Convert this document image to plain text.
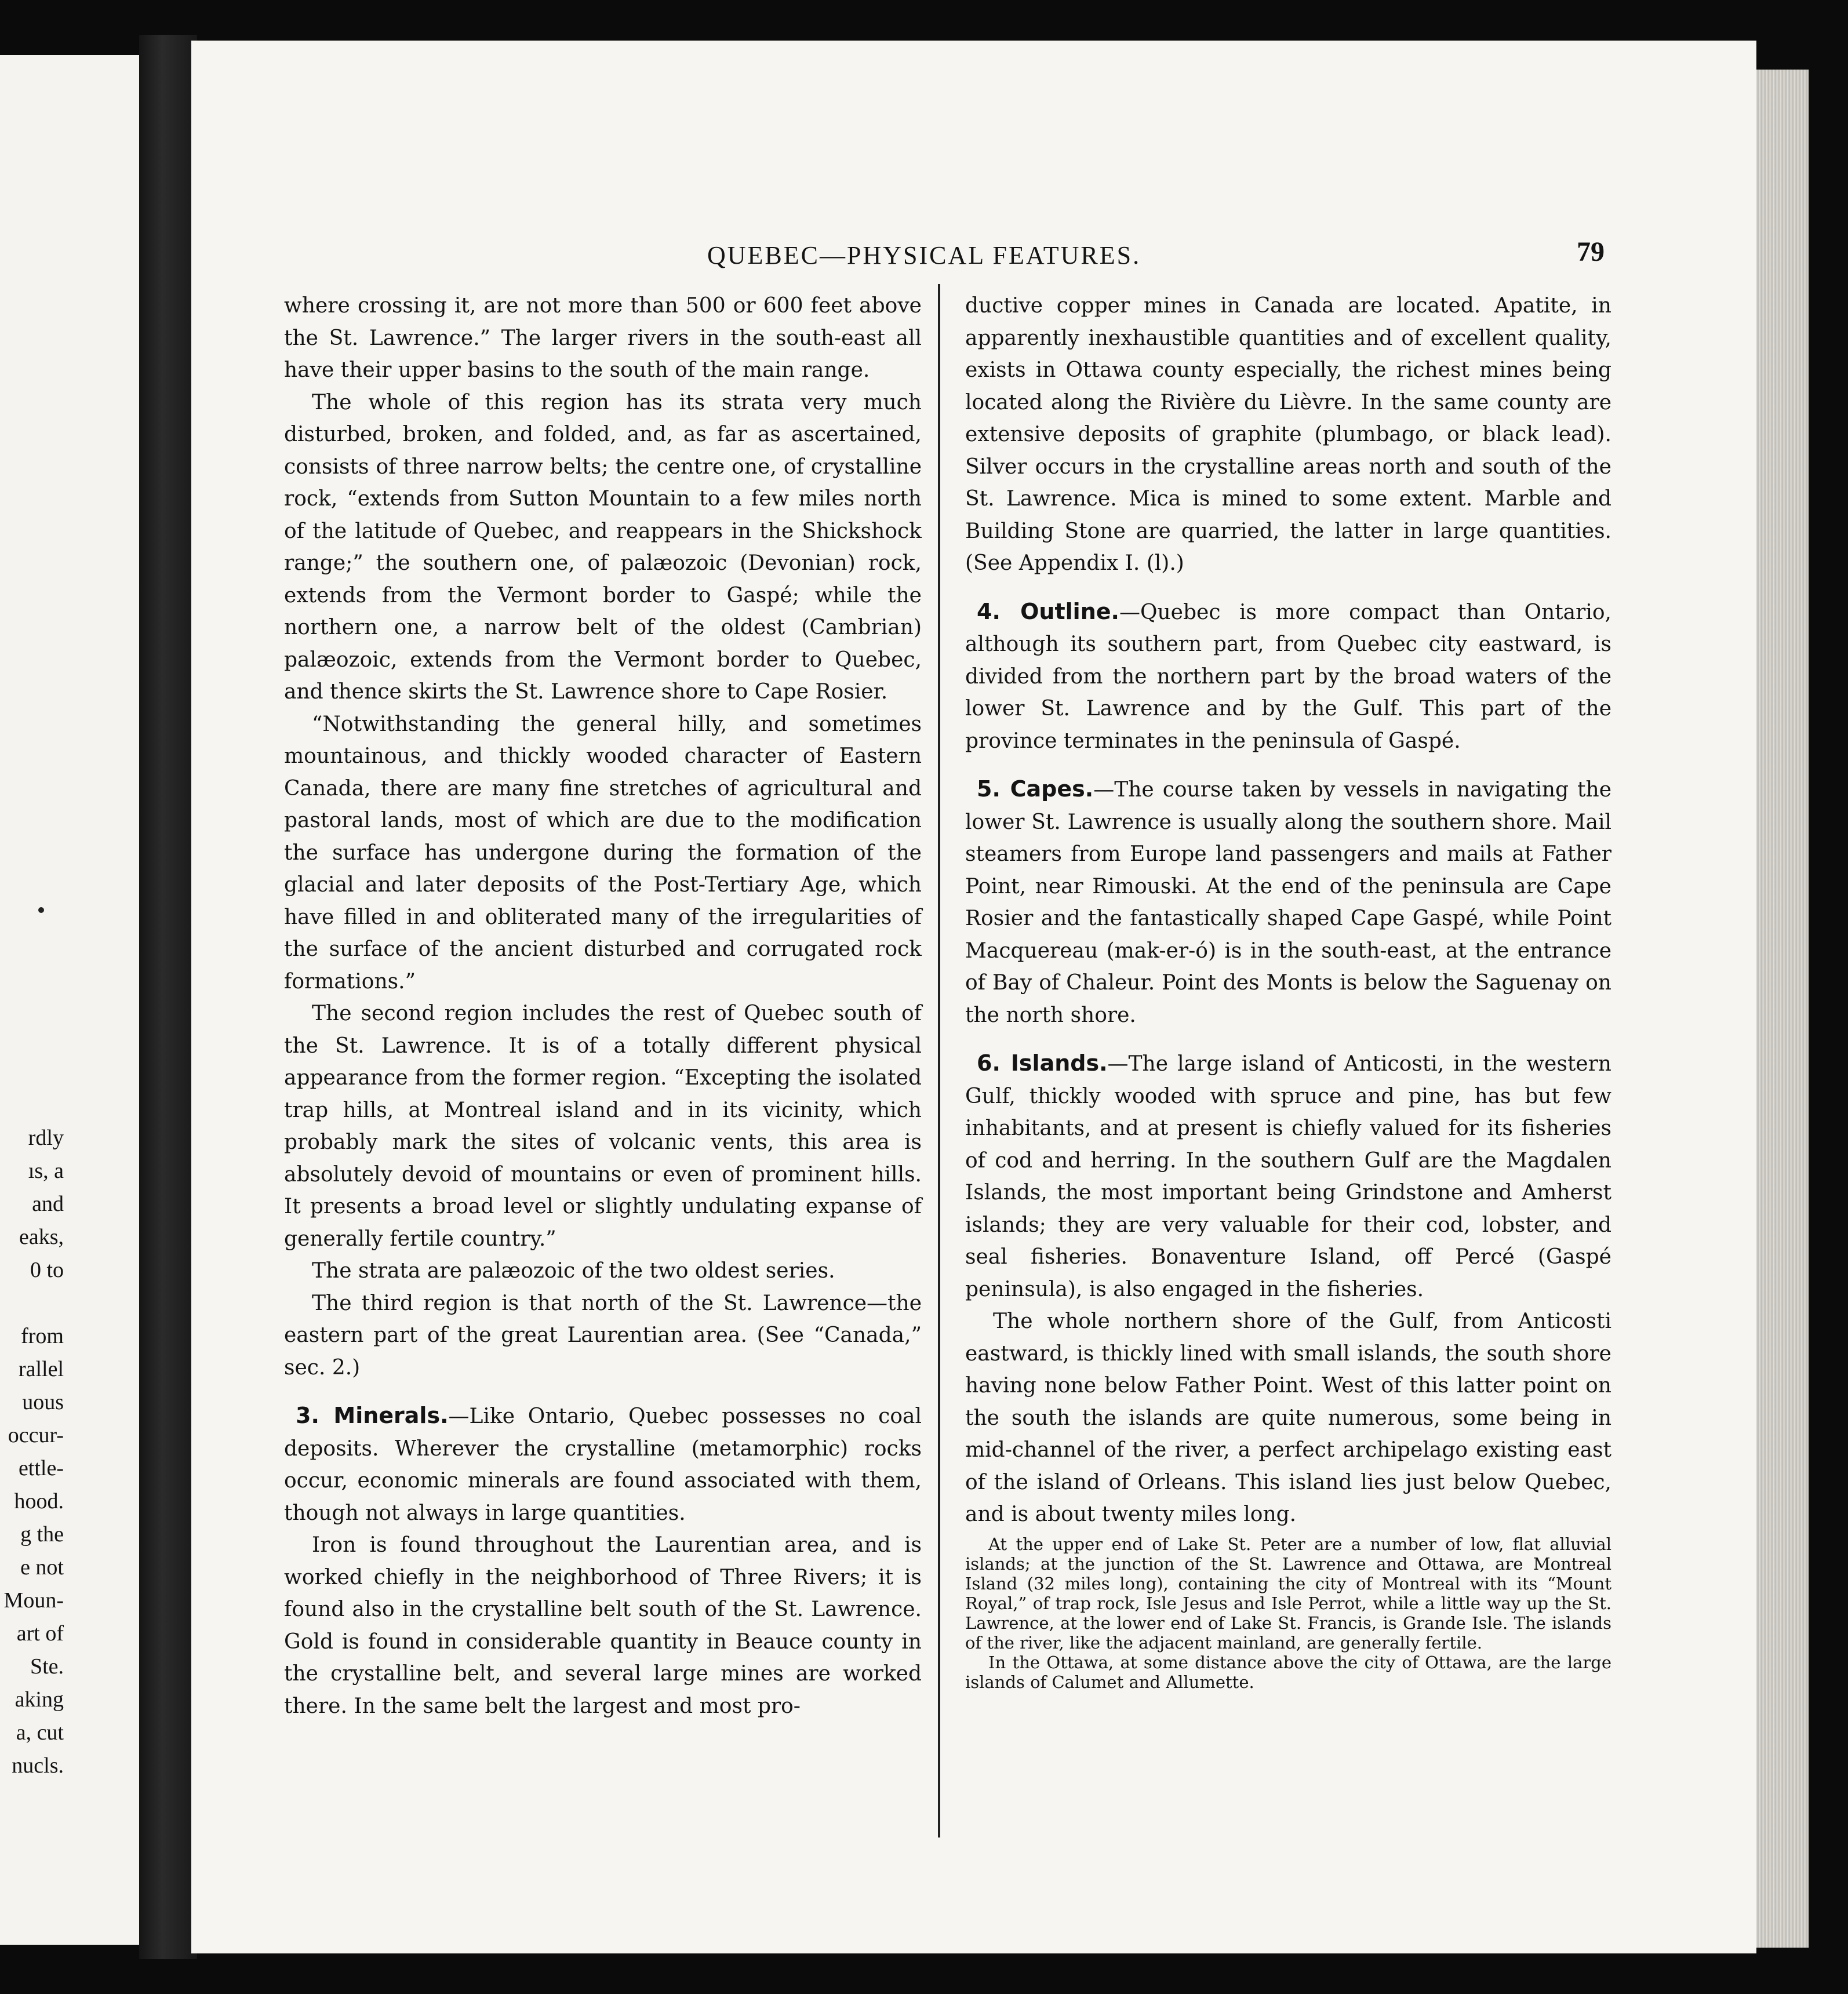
rdly
ıs, a
and
eaks,
0 to

from
rallel
uous
occur-
ettle-
hood.
g the
e not
Moun-
art of
Ste.
aking
a, cut
nucls.
QUEBEC—PHYSICAL FEATURES.	79

where crossing it, are not more than 500 or 600 feet above the St. Lawrence.” The larger rivers in the south-east all have their upper basins to the south of the main range.

The whole of this region has its strata very much disturbed, broken, and folded, and, as far as ascertained, consists of three narrow belts; the centre one, of crystalline rock, “extends from Sutton Mountain to a few miles north of the latitude of Quebec, and reappears in the Shickshock range;” the southern one, of palæozoic (Devonian) rock, extends from the Vermont border to Gaspé; while the northern one, a narrow belt of the oldest (Cambrian) palæozoic, extends from the Vermont border to Quebec, and thence skirts the St. Lawrence shore to Cape Rosier.

“Notwithstanding the general hilly, and sometimes mountainous, and thickly wooded character of Eastern Canada, there are many fine stretches of agricultural and pastoral lands, most of which are due to the modification the surface has undergone during the formation of the glacial and later deposits of the Post-Tertiary Age, which have filled in and obliterated many of the irregularities of the surface of the ancient disturbed and corrugated rock formations.”

The second region includes the rest of Quebec south of the St. Lawrence. It is of a totally different physical appearance from the former region. “Excepting the isolated trap hills, at Montreal island and in its vicinity, which probably mark the sites of volcanic vents, this area is absolutely devoid of mountains or even of prominent hills. It presents a broad level or slightly undulating expanse of generally fertile country.”

The strata are palæozoic of the two oldest series.

The third region is that north of the St. Lawrence—the eastern part of the great Laurentian area. (See “Canada,” sec. 2.)

3. Minerals.—Like Ontario, Quebec possesses no coal deposits. Wherever the crystalline (metamorphic) rocks occur, economic minerals are found associated with them, though not always in large quantities.

Iron is found throughout the Laurentian area, and is worked chiefly in the neighborhood of Three Rivers; it is found also in the crystalline belt south of the St. Lawrence. Gold is found in considerable quantity in Beauce county in the crystalline belt, and several large mines are worked there. In the same belt the largest and most pro-

ductive copper mines in Canada are located. Apatite, in apparently inexhaustible quantities and of excellent quality, exists in Ottawa county especially, the richest mines being located along the Rivière du Lièvre. In the same county are extensive deposits of graphite (plumbago, or black lead). Silver occurs in the crystalline areas north and south of the St. Lawrence. Mica is mined to some extent. Marble and Building Stone are quarried, the latter in large quantities. (See Appendix I. (l).)

4. Outline.—Quebec is more compact than Ontario, although its southern part, from Quebec city eastward, is divided from the northern part by the broad waters of the lower St. Lawrence and by the Gulf. This part of the province terminates in the peninsula of Gaspé.

5. Capes.—The course taken by vessels in navigating the lower St. Lawrence is usually along the southern shore. Mail steamers from Europe land passengers and mails at Father Point, near Rimouski. At the end of the peninsula are Cape Rosier and the fantastically shaped Cape Gaspé, while Point Macquereau (mak-er-ó) is in the south-east, at the entrance of Bay of Chaleur. Point des Monts is below the Saguenay on the north shore.

6. Islands.—The large island of Anticosti, in the western Gulf, thickly wooded with spruce and pine, has but few inhabitants, and at present is chiefly valued for its fisheries of cod and herring. In the southern Gulf are the Magdalen Islands, the most important being Grindstone and Amherst islands; they are very valuable for their cod, lobster, and seal fisheries. Bonaventure Island, off Percé (Gaspé peninsula), is also engaged in the fisheries.

The whole northern shore of the Gulf, from Anticosti eastward, is thickly lined with small islands, the south shore having none below Father Point. West of this latter point on the south the islands are quite numerous, some being in mid-channel of the river, a perfect archipelago existing east of the island of Orleans. This island lies just below Quebec, and is about twenty miles long.

At the upper end of Lake St. Peter are a number of low, flat alluvial islands; at the junction of the St. Lawrence and Ottawa, are Montreal Island (32 miles long), containing the city of Montreal with its “Mount Royal,” of trap rock, Isle Jesus and Isle Perrot, while a little way up the St. Lawrence, at the lower end of Lake St. Francis, is Grande Isle. The islands of the river, like the adjacent mainland, are generally fertile.

In the Ottawa, at some distance above the city of Ottawa, are the large islands of Calumet and Allumette.
